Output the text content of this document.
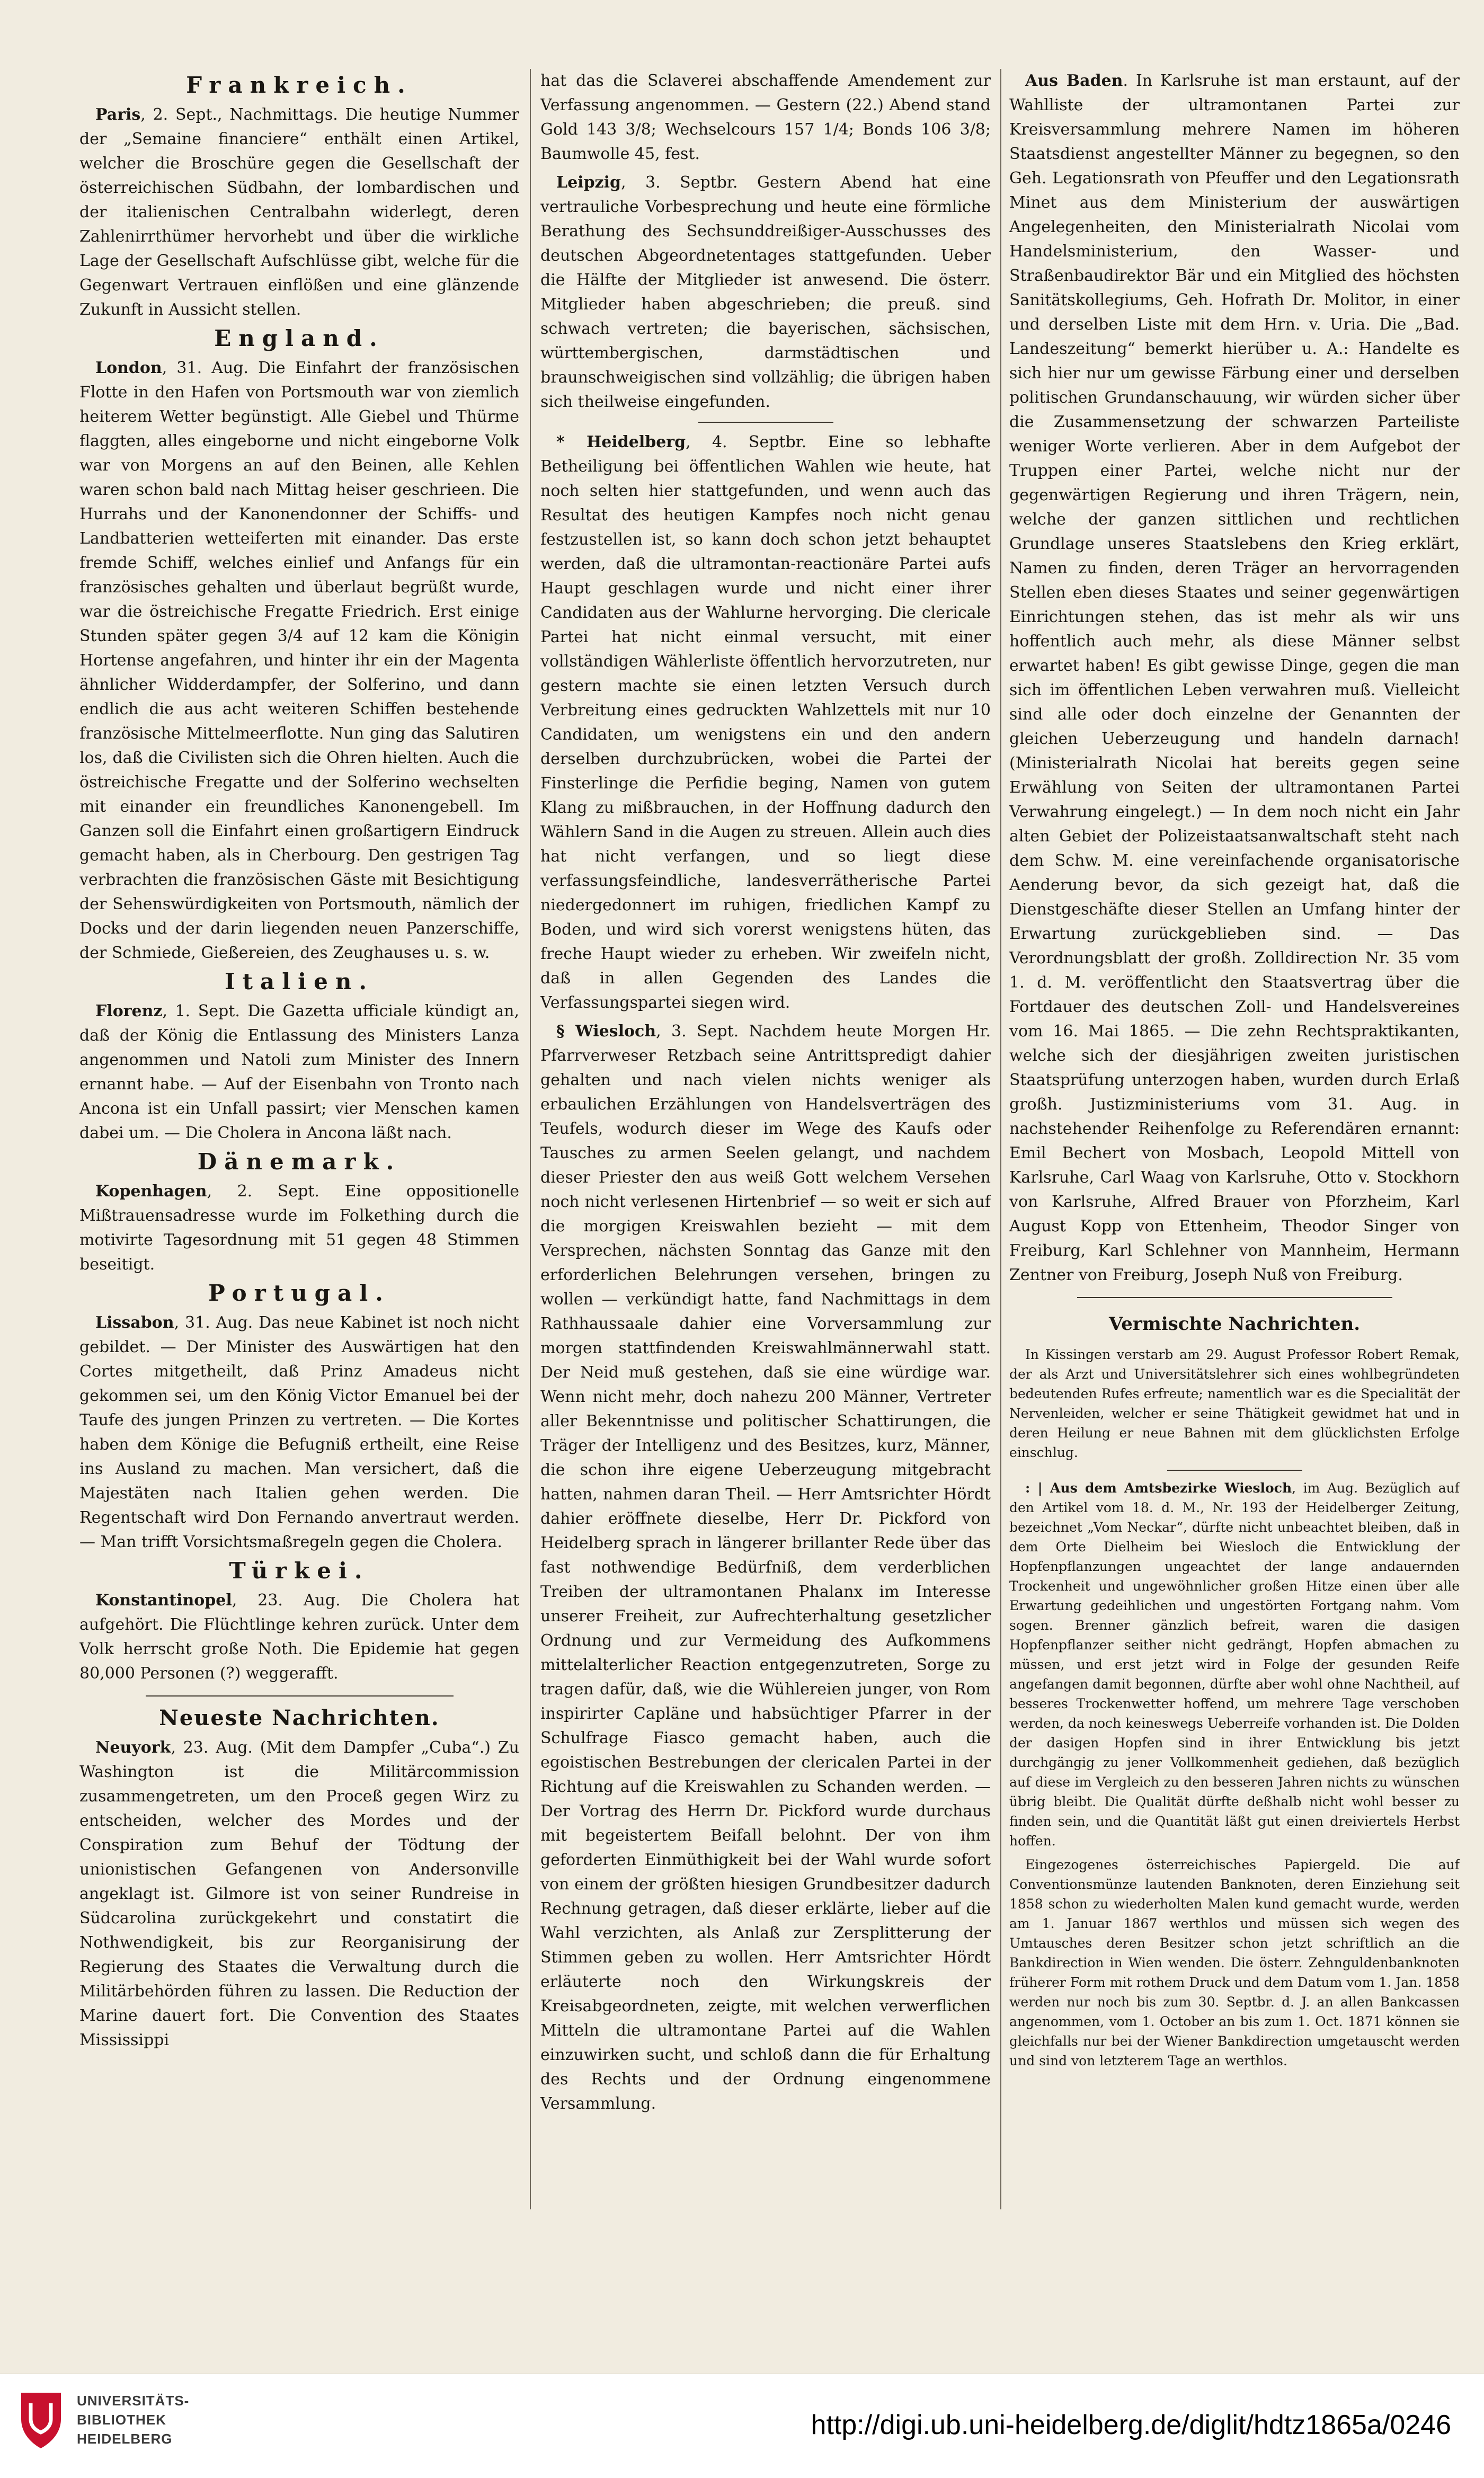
Frankreich.

Paris, 2. Sept., Nachmittags. Die heutige Nummer der „Semaine financiere“ enthält einen Artikel, welcher die Broschüre gegen die Gesellschaft der österreichischen Südbahn, der lombardischen und der italienischen Centralbahn widerlegt, deren Zahlenirrthümer hervorhebt und über die wirkliche Lage der Gesellschaft Aufschlüsse gibt, welche für die Gegenwart Vertrauen einflößen und eine glänzende Zukunft in Aussicht stellen.

England.

London, 31. Aug. Die Einfahrt der französischen Flotte in den Hafen von Portsmouth war von ziemlich heiterem Wetter begünstigt. Alle Giebel und Thürme flaggten, alles eingeborne und nicht eingeborne Volk war von Morgens an auf den Beinen, alle Kehlen waren schon bald nach Mittag heiser geschrieen. Die Hurrahs und der Kanonendonner der Schiffs- und Landbatterien wetteiferten mit einander. Das erste fremde Schiff, welches einlief und Anfangs für ein französisches gehalten und überlaut begrüßt wurde, war die östreichische Fregatte Friedrich. Erst einige Stunden später gegen 3/4 auf 12 kam die Königin Hortense angefahren, und hinter ihr ein der Magenta ähnlicher Widderdampfer, der Solferino, und dann endlich die aus acht weiteren Schiffen bestehende französische Mittelmeerflotte. Nun ging das Salutiren los, daß die Civilisten sich die Ohren hielten. Auch die östreichische Fregatte und der Solferino wechselten mit einander ein freundliches Kanonengebell. Im Ganzen soll die Einfahrt einen großartigern Eindruck gemacht haben, als in Cherbourg. Den gestrigen Tag verbrachten die französischen Gäste mit Besichtigung der Sehenswürdigkeiten von Portsmouth, nämlich der Docks und der darin liegenden neuen Panzerschiffe, der Schmiede, Gießereien, des Zeughauses u. s. w.

Italien.

Florenz, 1. Sept. Die Gazetta ufficiale kündigt an, daß der König die Entlassung des Ministers Lanza angenommen und Natoli zum Minister des Innern ernannt habe. — Auf der Eisenbahn von Tronto nach Ancona ist ein Unfall passirt; vier Menschen kamen dabei um. — Die Cholera in Ancona läßt nach.

Dänemark.

Kopenhagen, 2. Sept. Eine oppositionelle Mißtrauensadresse wurde im Folkething durch die motivirte Tagesordnung mit 51 gegen 48 Stimmen beseitigt.

Portugal.

Lissabon, 31. Aug. Das neue Kabinet ist noch nicht gebildet. — Der Minister des Auswärtigen hat den Cortes mitgetheilt, daß Prinz Amadeus nicht gekommen sei, um den König Victor Emanuel bei der Taufe des jungen Prinzen zu vertreten. — Die Kortes haben dem Könige die Befugniß ertheilt, eine Reise ins Ausland zu machen. Man versichert, daß die Majestäten nach Italien gehen werden. Die Regentschaft wird Don Fernando anvertraut werden. — Man trifft Vorsichtsmaßregeln gegen die Cholera.

Türkei.

Konstantinopel, 23. Aug. Die Cholera hat aufgehört. Die Flüchtlinge kehren zurück. Unter dem Volk herrscht große Noth. Die Epidemie hat gegen 80,000 Personen (?) weggerafft.

Neueste Nachrichten.

Neuyork, 23. Aug. (Mit dem Dampfer „Cuba“.) Zu Washington ist die Militärcommission zusammengetreten, um den Proceß gegen Wirz zu entscheiden, welcher des Mordes und der Conspiration zum Behuf der Tödtung der unionistischen Gefangenen von Andersonville angeklagt ist. Gilmore ist von seiner Rundreise in Südcarolina zurückgekehrt und constatirt die Nothwendigkeit, bis zur Reorganisirung der Regierung des Staates die Verwaltung durch die Militärbehörden führen zu lassen. Die Reduction der Marine dauert fort. Die Convention des Staates Mississippi

hat das die Sclaverei abschaffende Amendement zur Verfassung angenommen. — Gestern (22.) Abend stand Gold 143 3/8; Wechselcours 157 1/4; Bonds 106 3/8; Baumwolle 45, fest.

Leipzig, 3. Septbr. Gestern Abend hat eine vertrauliche Vorbesprechung und heute eine förmliche Berathung des Sechsunddreißiger-Ausschusses des deutschen Abgeordnetentages stattgefunden. Ueber die Hälfte der Mitglieder ist anwesend. Die österr. Mitglieder haben abgeschrieben; die preuß. sind schwach vertreten; die bayerischen, sächsischen, württembergischen, darmstädtischen und braunschweigischen sind vollzählig; die übrigen haben sich theilweise eingefunden.

* Heidelberg, 4. Septbr. Eine so lebhafte Betheiligung bei öffentlichen Wahlen wie heute, hat noch selten hier stattgefunden, und wenn auch das Resultat des heutigen Kampfes noch nicht genau festzustellen ist, so kann doch schon jetzt behauptet werden, daß die ultramontan-reactionäre Partei aufs Haupt geschlagen wurde und nicht einer ihrer Candidaten aus der Wahlurne hervorging. Die clericale Partei hat nicht einmal versucht, mit einer vollständigen Wählerliste öffentlich hervorzutreten, nur gestern machte sie einen letzten Versuch durch Verbreitung eines gedruckten Wahlzettels mit nur 10 Candidaten, um wenigstens ein und den andern derselben durchzubrücken, wobei die Partei der Finsterlinge die Perfidie beging, Namen von gutem Klang zu mißbrauchen, in der Hoffnung dadurch den Wählern Sand in die Augen zu streuen. Allein auch dies hat nicht verfangen, und so liegt diese verfassungsfeindliche, landesverrätherische Partei niedergedonnert im ruhigen, friedlichen Kampf zu Boden, und wird sich vorerst wenigstens hüten, das freche Haupt wieder zu erheben. Wir zweifeln nicht, daß in allen Gegenden des Landes die Verfassungspartei siegen wird.

§ Wiesloch, 3. Sept. Nachdem heute Morgen Hr. Pfarrverweser Retzbach seine Antrittspredigt dahier gehalten und nach vielen nichts weniger als erbaulichen Erzählungen von Handelsverträgen des Teufels, wodurch dieser im Wege des Kaufs oder Tausches zu armen Seelen gelangt, und nachdem dieser Priester den aus weiß Gott welchem Versehen noch nicht verlesenen Hirtenbrief — so weit er sich auf die morgigen Kreiswahlen bezieht — mit dem Versprechen, nächsten Sonntag das Ganze mit den erforderlichen Belehrungen versehen, bringen zu wollen — verkündigt hatte, fand Nachmittags in dem Rathhaussaale dahier eine Vorversammlung zur morgen stattfindenden Kreiswahlmännerwahl statt. Der Neid muß gestehen, daß sie eine würdige war. Wenn nicht mehr, doch nahezu 200 Männer, Vertreter aller Bekenntnisse und politischer Schattirungen, die Träger der Intelligenz und des Besitzes, kurz, Männer, die schon ihre eigene Ueberzeugung mitgebracht hatten, nahmen daran Theil. — Herr Amtsrichter Hördt dahier eröffnete dieselbe, Herr Dr. Pickford von Heidelberg sprach in längerer brillanter Rede über das fast nothwendige Bedürfniß, dem verderblichen Treiben der ultramontanen Phalanx im Interesse unserer Freiheit, zur Aufrechterhaltung gesetzlicher Ordnung und zur Vermeidung des Aufkommens mittelalterlicher Reaction entgegenzutreten, Sorge zu tragen dafür, daß, wie die Wühlereien junger, von Rom inspirirter Capläne und habsüchtiger Pfarrer in der Schulfrage Fiasco gemacht haben, auch die egoistischen Bestrebungen der clericalen Partei in der Richtung auf die Kreiswahlen zu Schanden werden. — Der Vortrag des Herrn Dr. Pickford wurde durchaus mit begeistertem Beifall belohnt. Der von ihm geforderten Einmüthigkeit bei der Wahl wurde sofort von einem der größten hiesigen Grundbesitzer dadurch Rechnung getragen, daß dieser erklärte, lieber auf die Wahl verzichten, als Anlaß zur Zersplitterung der Stimmen geben zu wollen. Herr Amtsrichter Hördt erläuterte noch den Wirkungskreis der Kreisabgeordneten, zeigte, mit welchen verwerflichen Mitteln die ultramontane Partei auf die Wahlen einzuwirken sucht, und schloß dann die für Erhaltung des Rechts und der Ordnung eingenommene Versammlung.

Aus Baden. In Karlsruhe ist man erstaunt, auf der Wahlliste der ultramontanen Partei zur Kreisversammlung mehrere Namen im höheren Staatsdienst angestellter Männer zu begegnen, so den Geh. Legationsrath von Pfeuffer und den Legationsrath Minet aus dem Ministerium der auswärtigen Angelegenheiten, den Ministerialrath Nicolai vom Handelsministerium, den Wasser- und Straßenbaudirektor Bär und ein Mitglied des höchsten Sanitätskollegiums, Geh. Hofrath Dr. Molitor, in einer und derselben Liste mit dem Hrn. v. Uria. Die „Bad. Landeszeitung“ bemerkt hierüber u. A.: Handelte es sich hier nur um gewisse Färbung einer und derselben politischen Grundanschauung, wir würden sicher über die Zusammensetzung der schwarzen Parteiliste weniger Worte verlieren. Aber in dem Aufgebot der Truppen einer Partei, welche nicht nur der gegenwärtigen Regierung und ihren Trägern, nein, welche der ganzen sittlichen und rechtlichen Grundlage unseres Staatslebens den Krieg erklärt, Namen zu finden, deren Träger an hervorragenden Stellen eben dieses Staates und seiner gegenwärtigen Einrichtungen stehen, das ist mehr als wir uns hoffentlich auch mehr, als diese Männer selbst erwartet haben! Es gibt gewisse Dinge, gegen die man sich im öffentlichen Leben verwahren muß. Vielleicht sind alle oder doch einzelne der Genannten der gleichen Ueberzeugung und handeln darnach! (Ministerialrath Nicolai hat bereits gegen seine Erwählung von Seiten der ultramontanen Partei Verwahrung eingelegt.) — In dem noch nicht ein Jahr alten Gebiet der Polizeistaatsanwaltschaft steht nach dem Schw. M. eine vereinfachende organisatorische Aenderung bevor, da sich gezeigt hat, daß die Dienstgeschäfte dieser Stellen an Umfang hinter der Erwartung zurückgeblieben sind. — Das Verordnungsblatt der großh. Zolldirection Nr. 35 vom 1. d. M. veröffentlicht den Staatsvertrag über die Fortdauer des deutschen Zoll- und Handelsvereines vom 16. Mai 1865. — Die zehn Rechtspraktikanten, welche sich der diesjährigen zweiten juristischen Staatsprüfung unterzogen haben, wurden durch Erlaß großh. Justizministeriums vom 31. Aug. in nachstehender Reihenfolge zu Referendären ernannt: Emil Bechert von Mosbach, Leopold Mittell von Karlsruhe, Carl Waag von Karlsruhe, Otto v. Stockhorn von Karlsruhe, Alfred Brauer von Pforzheim, Karl August Kopp von Ettenheim, Theodor Singer von Freiburg, Karl Schlehner von Mannheim, Hermann Zentner von Freiburg, Joseph Nuß von Freiburg.

Vermischte Nachrichten.

In Kissingen verstarb am 29. August Professor Robert Remak, der als Arzt und Universitätslehrer sich eines wohlbegründeten bedeutenden Rufes erfreute; namentlich war es die Specialität der Nervenleiden, welcher er seine Thätigkeit gewidmet hat und in deren Heilung er neue Bahnen mit dem glücklichsten Erfolge einschlug.

: | Aus dem Amtsbezirke Wiesloch, im Aug. Bezüglich auf den Artikel vom 18. d. M., Nr. 193 der Heidelberger Zeitung, bezeichnet „Vom Neckar“, dürfte nicht unbeachtet bleiben, daß in dem Orte Dielheim bei Wiesloch die Entwicklung der Hopfenpflanzungen ungeachtet der lange andauernden Trockenheit und ungewöhnlicher großen Hitze einen über alle Erwartung gedeihlichen und ungestörten Fortgang nahm. Vom sogen. Brenner gänzlich befreit, waren die dasigen Hopfenpflanzer seither nicht gedrängt, Hopfen abmachen zu müssen, und erst jetzt wird in Folge der gesunden Reife angefangen damit begonnen, dürfte aber wohl ohne Nachtheil, auf besseres Trockenwetter hoffend, um mehrere Tage verschoben werden, da noch keineswegs Ueberreife vorhanden ist. Die Dolden der dasigen Hopfen sind in ihrer Entwicklung bis jetzt durchgängig zu jener Vollkommenheit gediehen, daß bezüglich auf diese im Vergleich zu den besseren Jahren nichts zu wünschen übrig bleibt. Die Qualität dürfte deßhalb nicht wohl besser zu finden sein, und die Quantität läßt gut einen dreiviertels Herbst hoffen.

Eingezogenes österreichisches Papiergeld. Die auf Conventionsmünze lautenden Banknoten, deren Einziehung seit 1858 schon zu wiederholten Malen kund gemacht wurde, werden am 1. Januar 1867 werthlos und müssen sich wegen des Umtausches deren Besitzer schon jetzt schriftlich an die Bankdirection in Wien wenden. Die österr. Zehnguldenbanknoten früherer Form mit rothem Druck und dem Datum vom 1. Jan. 1858 werden nur noch bis zum 30. Septbr. d. J. an allen Bankcassen angenommen, vom 1. October an bis zum 1. Oct. 1871 können sie gleichfalls nur bei der Wiener Bankdirection umgetauscht werden und sind von letzterem Tage an werthlos.

UNIVERSITÄTS-
BIBLIOTHEK
HEIDELBERG	http://digi.ub.uni-heidelberg.de/diglit/hdtz1865a/0246
